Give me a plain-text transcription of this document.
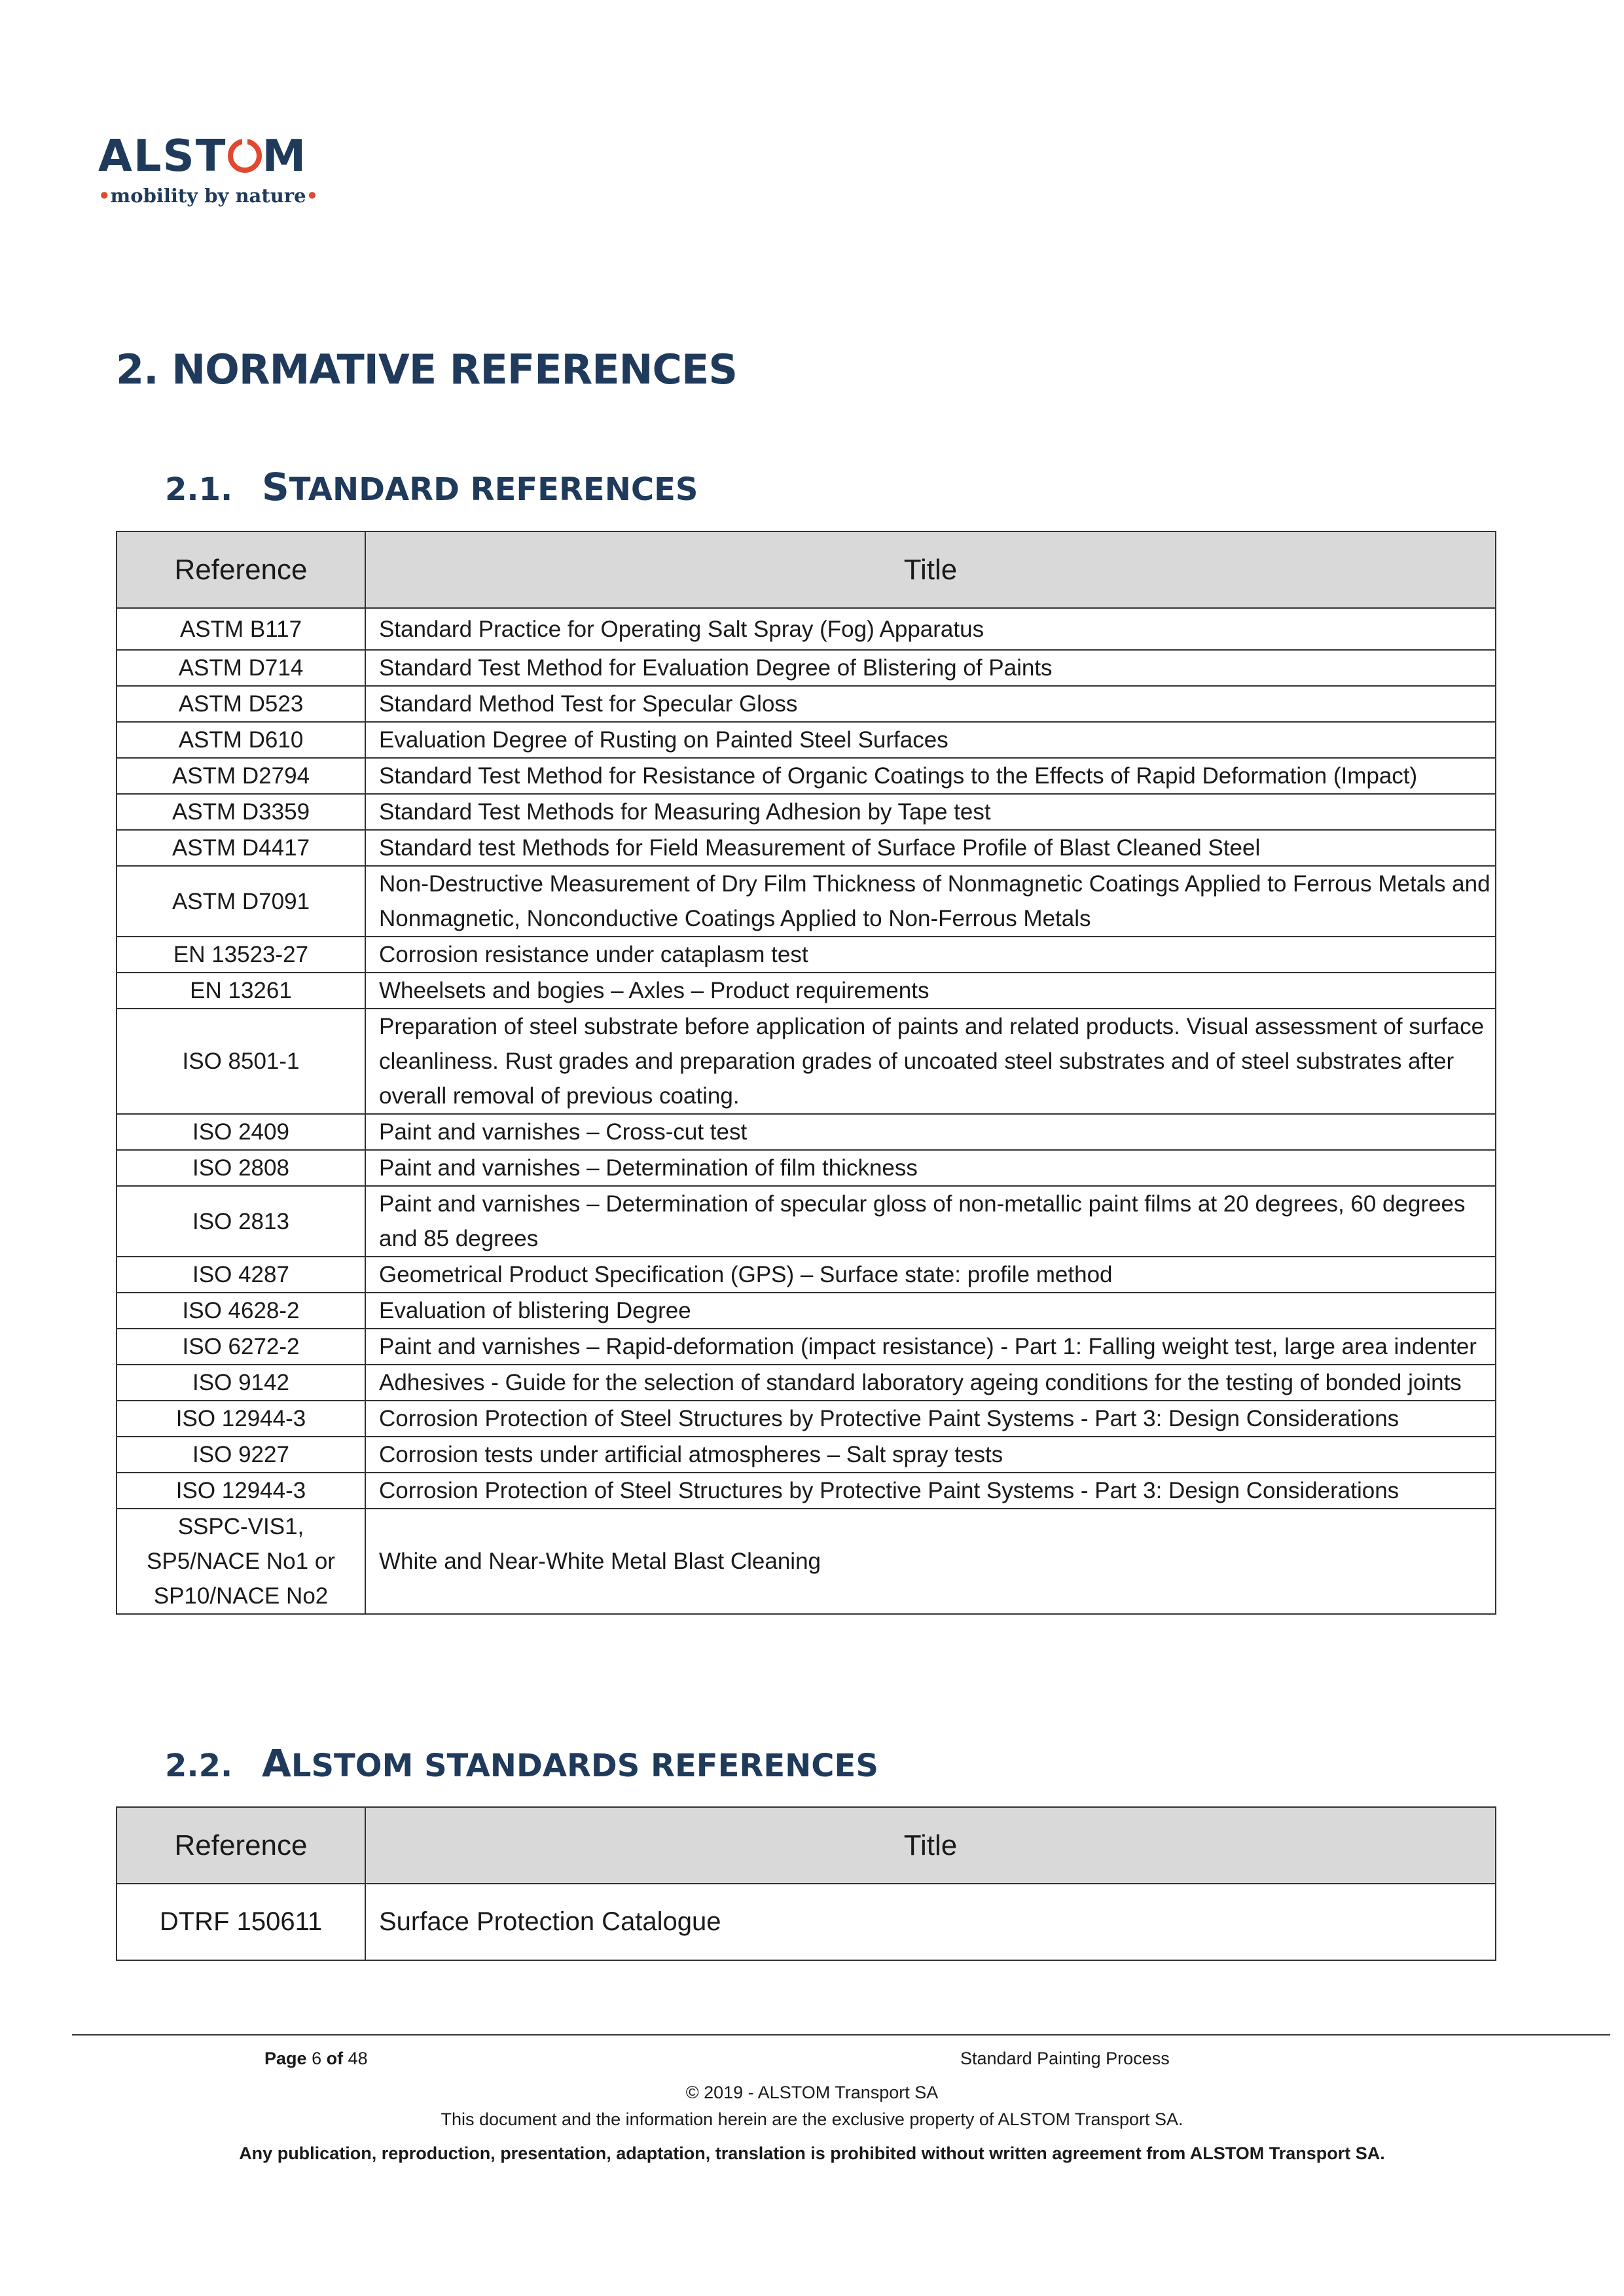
ALST M
•mobility by nature•
2. NORMATIVE REFERENCES
2.1. STANDARD REFERENCES
Reference	Title
ASTM B117	Standard Practice for Operating Salt Spray (Fog) Apparatus
ASTM D714	Standard Test Method for Evaluation Degree of Blistering of Paints
ASTM D523	Standard Method Test for Specular Gloss
ASTM D610	Evaluation Degree of Rusting on Painted Steel Surfaces
ASTM D2794	Standard Test Method for Resistance of Organic Coatings to the Effects of Rapid Deformation (Impact)
ASTM D3359	Standard Test Methods for Measuring Adhesion by Tape test
ASTM D4417	Standard test Methods for Field Measurement of Surface Profile of Blast Cleaned Steel
ASTM D7091	Non-Destructive Measurement of Dry Film Thickness of Nonmagnetic Coatings Applied to Ferrous Metals and Nonmagnetic, Nonconductive Coatings Applied to Non-Ferrous Metals
EN 13523-27	Corrosion resistance under cataplasm test
EN 13261	Wheelsets and bogies – Axles – Product requirements
ISO 8501-1	Preparation of steel substrate before application of paints and related products. Visual assessment of surface cleanliness. Rust grades and preparation grades of uncoated steel substrates and of steel substrates after overall removal of previous coating.
ISO 2409	Paint and varnishes – Cross-cut test
ISO 2808	Paint and varnishes – Determination of film thickness
ISO 2813	Paint and varnishes – Determination of specular gloss of non-metallic paint films at 20 degrees, 60 degrees and 85 degrees
ISO 4287	Geometrical Product Specification (GPS) – Surface state: profile method
ISO 4628-2	Evaluation of blistering Degree
ISO 6272-2	Paint and varnishes – Rapid-deformation (impact resistance) - Part 1: Falling weight test, large area indenter
ISO 9142	Adhesives - Guide for the selection of standard laboratory ageing conditions for the testing of bonded joints
ISO 12944-3	Corrosion Protection of Steel Structures by Protective Paint Systems - Part 3: Design Considerations
ISO 9227	Corrosion tests under artificial atmospheres – Salt spray tests
ISO 12944-3	Corrosion Protection of Steel Structures by Protective Paint Systems - Part 3: Design Considerations
SSPC-VIS1, SP5/NACE No1 or SP10/NACE No2	White and Near-White Metal Blast Cleaning
2.2. ALSTOM STANDARDS REFERENCES
Reference	Title
DTRF 150611	Surface Protection Catalogue
Page 6 of 48	Standard Painting Process
© 2019 - ALSTOM Transport SA
This document and the information herein are the exclusive property of ALSTOM Transport SA.
Any publication, reproduction, presentation, adaptation, translation is prohibited without written agreement from ALSTOM Transport SA.
